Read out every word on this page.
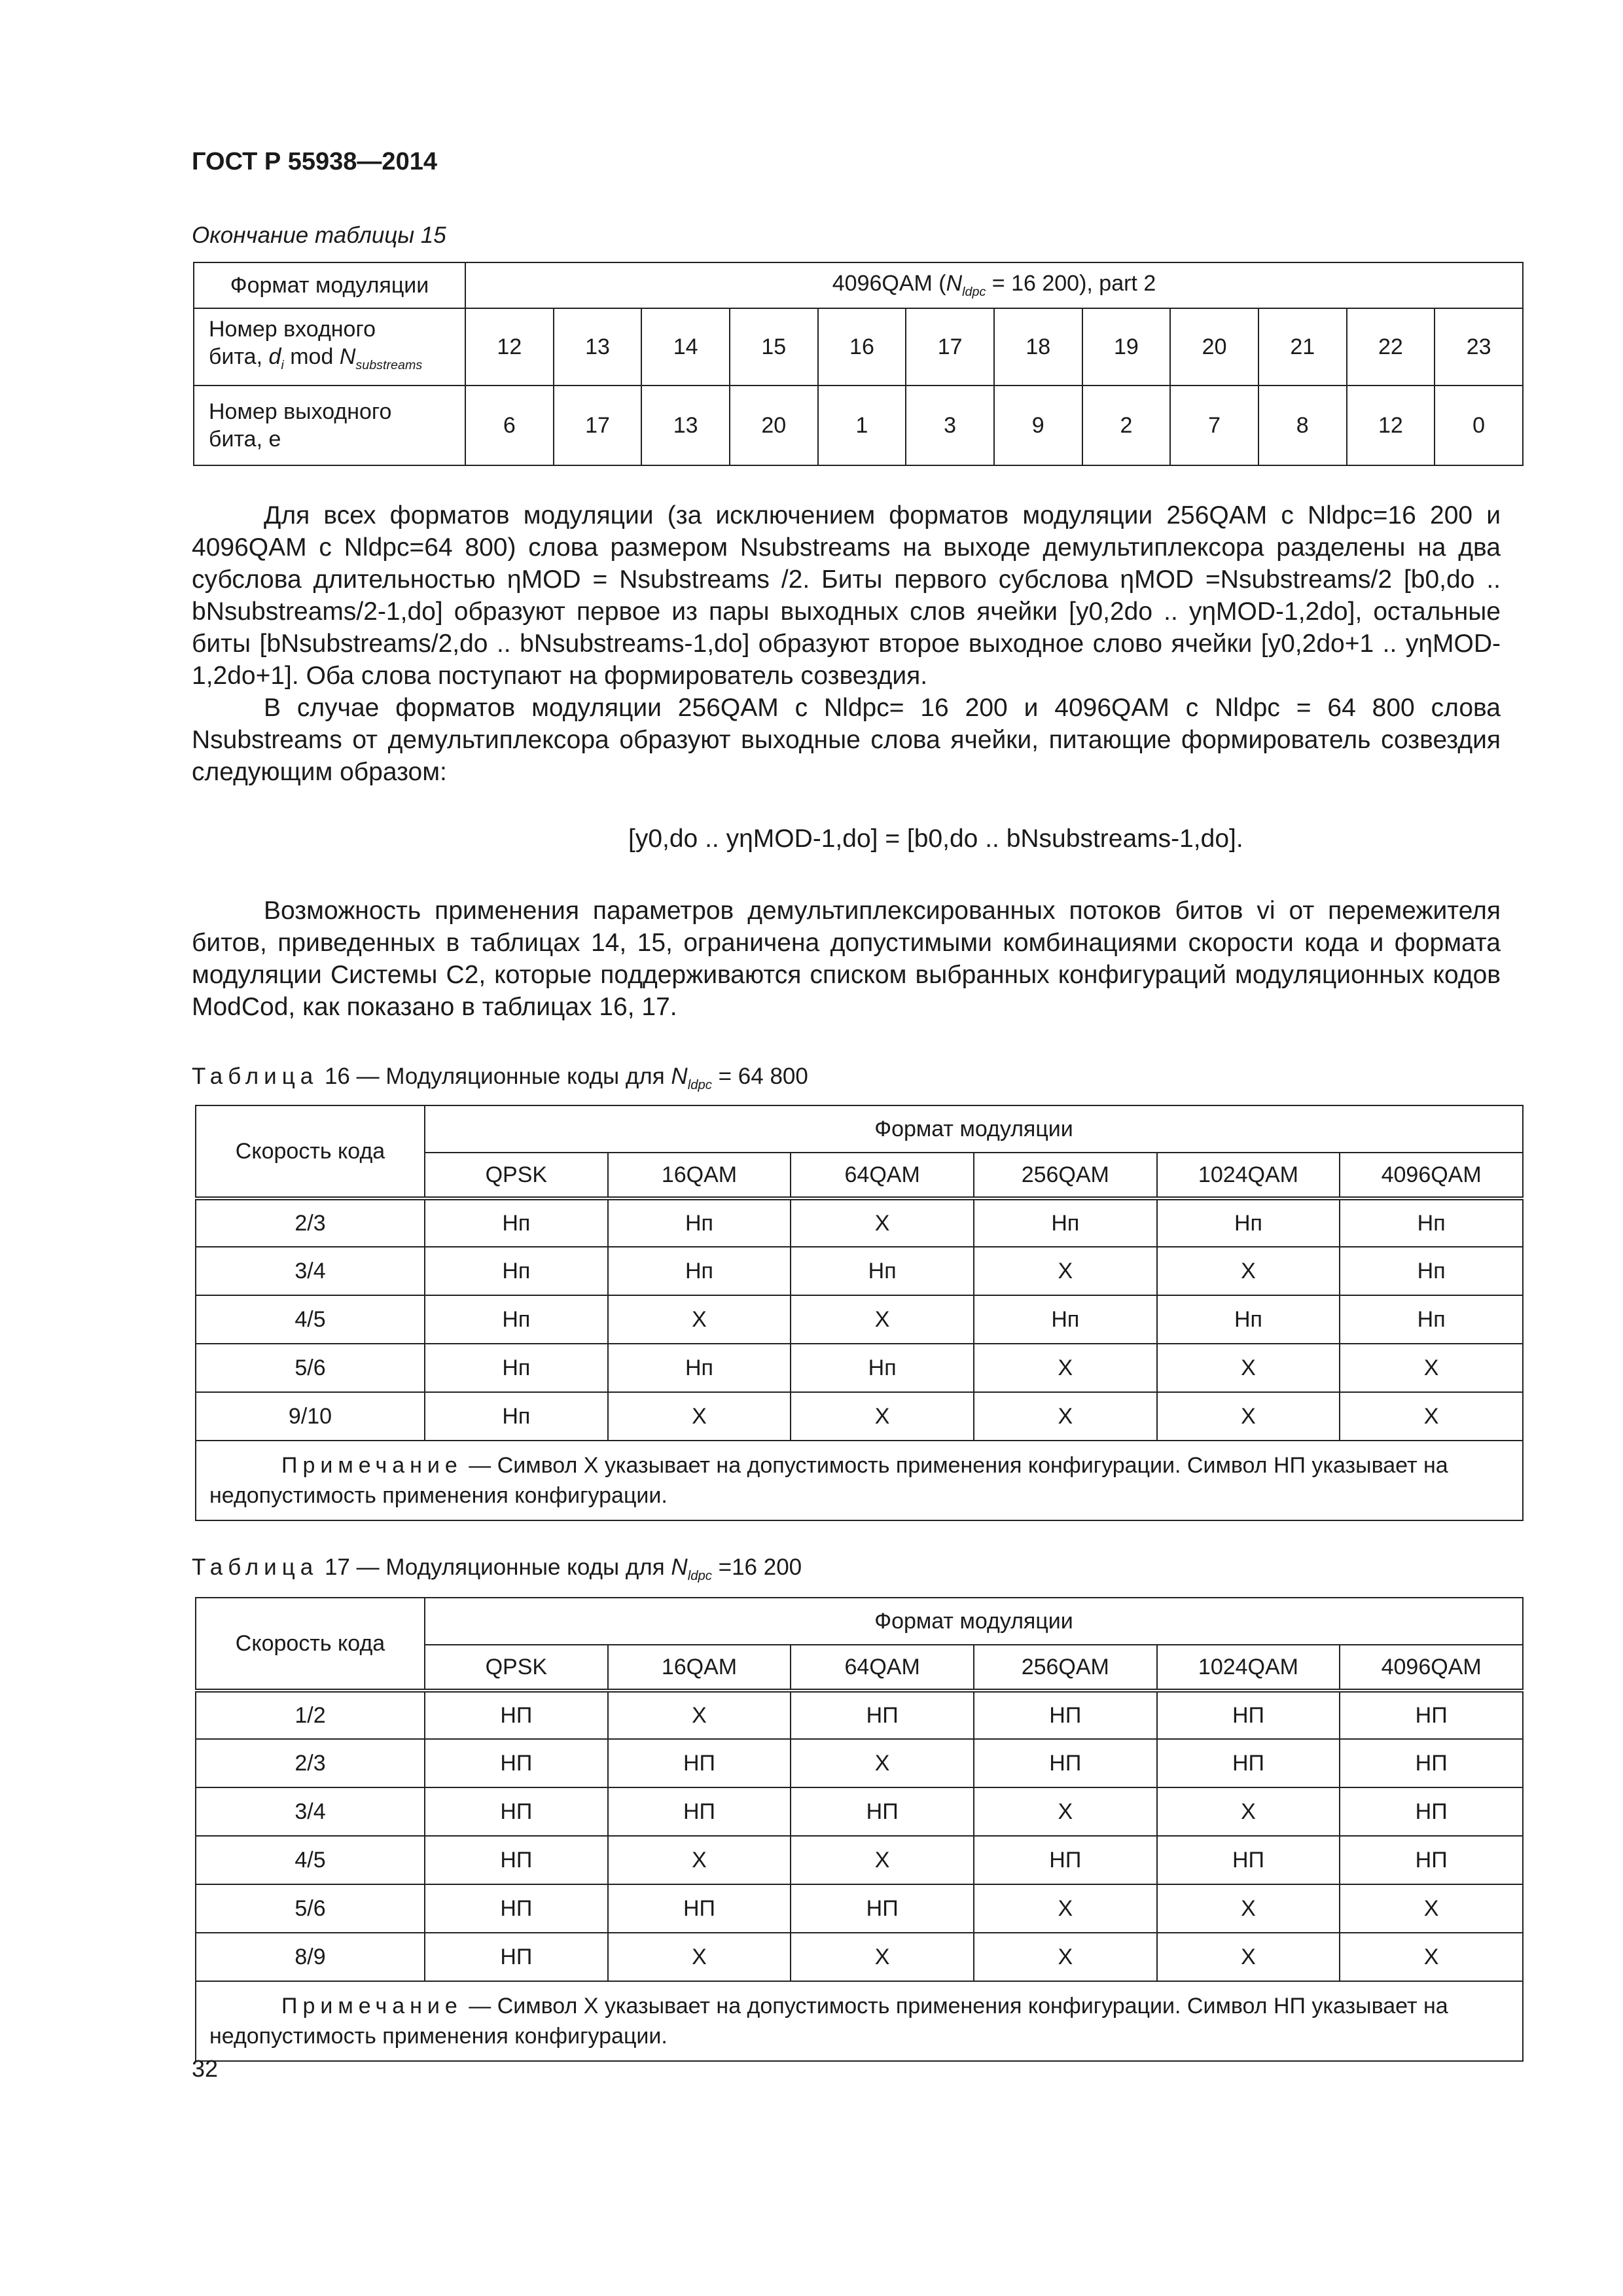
ГОСТ Р 55938—2014
Окончание таблицы 15
Формат модуляции	4096QAM ($N_{ldpc} = 16$ 200), part 2											
Номер входного
бита, $d_i$ mod $N_{substreams}$	12	13	14	15	16	17	18	19	20	21	22	23
Номер выходного
бита, e	6	17	13	20	1	3	9	2	7	8	12	0

Для всех форматов модуляции (за исключением форматов модуляции 256QAM с Nldpc=16 200 и 4096QAM с Nldpc=64 800) слова размером Nsubstreams на выходе демультиплексора разделены на два субслова длительностью ηMOD = Nsubstreams /2. Биты первого субслова ηMOD =Nsubstreams/2 [b0,do .. bNsubstreams/2-1,do] образуют первое из пары выходных слов ячейки [y0,2do .. yηMOD-1,2do], остальные биты [bNsubstreams/2,do .. bNsubstreams-1,do] образуют второе выходное слово ячейки [y0,2do+1 .. yηMOD-1,2do+1]. Оба слова поступают на формирователь созвездия.

В случае форматов модуляции 256QAM с Nldpc= 16 200 и 4096QAM с Nldpc = 64 800 слова Nsubstreams от демультиплексора образуют выходные слова ячейки, питающие формирователь созвездия следующим образом:

[y0,do .. yηMOD-1,do] = [b0,do .. bNsubstreams-1,do].

Возможность применения параметров демультиплексированных потоков битов vi от перемежителя битов, приведенных в таблицах 14, 15, ограничена допустимыми комбинациями скорости кода и формата модуляции Системы С2, которые поддерживаются списком выбранных конфигураций модуляционных кодов ModCod, как показано в таблицах 16, 17.

Таблица 16 — Модуляционные коды для $N_{ldpc} = 64$ 800
Скорость кода	Формат модуляции					
	QPSK	16QAM	64QAM	256QAM	1024QAM	4096QAM
2/3	Нп	Нп	X	Нп	Нп	Нп
3/4	Нп	Нп	Нп	X	X	Нп
4/5	Нп	X	X	Нп	Нп	Нп
5/6	Нп	Нп	Нп	X	X	X
9/10	Нп	X	X	X	X	X
Примечание — Символ X указывает на допустимость применения конфигурации. Символ НП указывает на недопустимость применения конфигурации.						
Таблица 17 — Модуляционные коды для $N_{ldpc} =16$ 200
Скорость кода	Формат модуляции					
	QPSK	16QAM	64QAM	256QAM	1024QAM	4096QAM
1/2	НП	X	НП	НП	НП	НП
2/3	НП	НП	X	НП	НП	НП
3/4	НП	НП	НП	X	X	НП
4/5	НП	X	X	НП	НП	НП
5/6	НП	НП	НП	X	X	X
8/9	НП	X	X	X	X	X
Примечание — Символ X указывает на допустимость применения конфигурации. Символ НП указывает на недопустимость применения конфигурации.						
32
